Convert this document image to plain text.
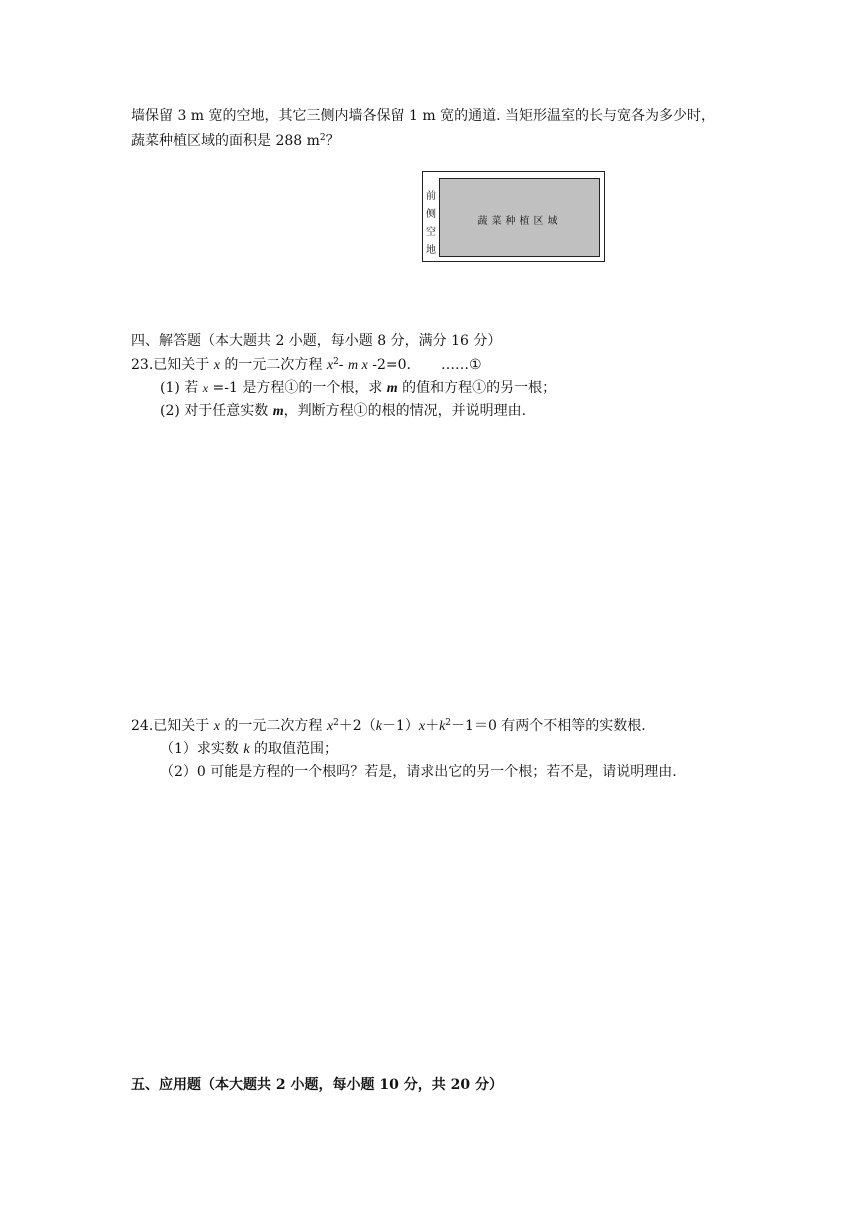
墙保留 3 m 宽的空地，其它三侧内墙各保留 1 m 宽的通道. 当矩形温室的长与宽各为多少时，
蔬菜种植区域的面积是 288 $m^2$？
蔬菜种植区域
前
侧
空
地
四、解答题（本大题共 2 小题，每小题 8 分，满分 16 分）
23.已知关于 x 的一元二次方程 $x^2-$ m x -2=0. ……①
(1) 若 x =-1 是方程①的一个根，求 m 的值和方程①的另一根；
(2) 对于任意实数 m，判断方程①的根的情况，并说明理由.
24.已知关于 x 的一元二次方程 $x^2+2(k-1)x+k^2-1=0$ 有两个不相等的实数根.
（1）求实数 k 的取值范围；
（2）0 可能是方程的一个根吗？若是，请求出它的另一个根；若不是，请说明理由.
五、应用题（本大题共 2 小题，每小题 10 分，共 20 分）
